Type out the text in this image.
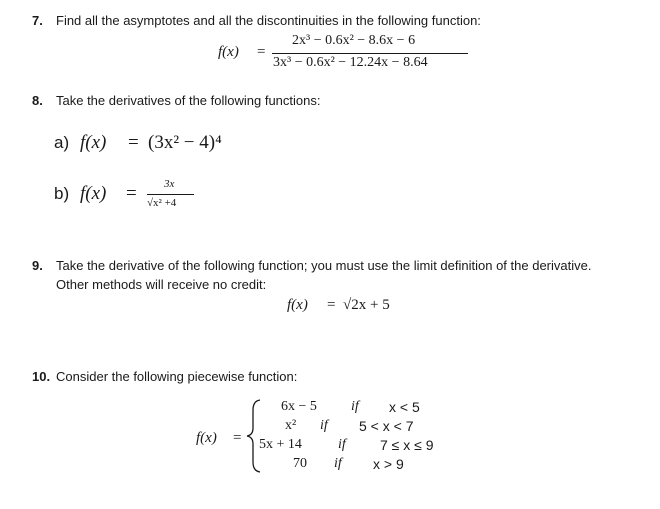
7. Find all the asymptotes and all the discontinuities in the following function:
f(x) =
2x³ − 0.6x² − 8.6x − 6
3x³ − 0.6x² − 12.24x − 8.64
8. Take the derivatives of the following functions:
a) f(x) = (3x² − 4)⁴
b) f(x) = 3x
√x² +4
9. Take the derivative of the following function; you must use the limit definition of the derivative.
Other methods will receive no credit:
f(x) = √2x + 5
10. Consider the following piecewise function:
f(x) =
6x − 5 if x < 5
x² if 5 < x < 7
5x + 14	if 7 ≤ x ≤ 9
70 if x > 9
